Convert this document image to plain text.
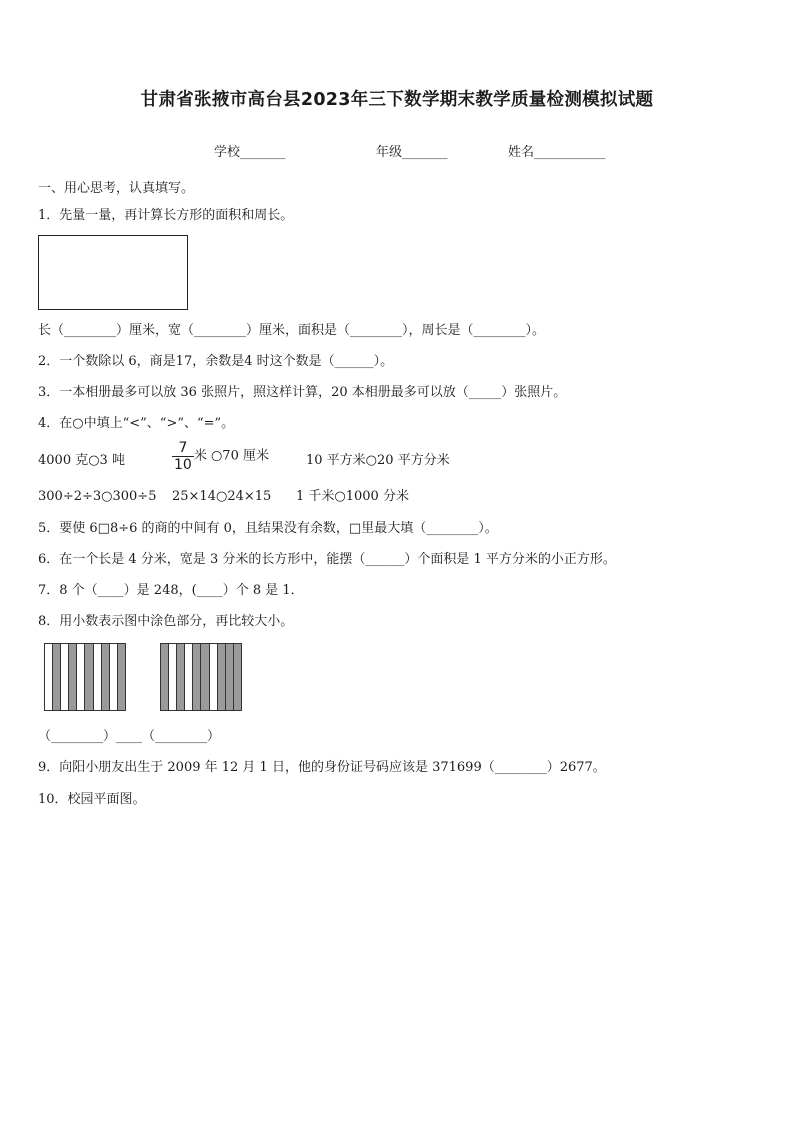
甘肃省张掖市高台县2023年三下数学期末教学质量检测模拟试题
学校_______	年级_______	姓名___________
一、用心思考，认真填写。
1．先量一量，再计算长方形的面积和周长。
长（________）厘米，宽（________）厘米，面积是（________），周长是（________）。
2．一个数除以 6，商是17，余数是4 时这个数是（______）。
3．一本相册最多可以放 36 张照片，照这样计算，20 本相册最多可以放（_____）张照片。
4．在○中填上“<”、“>”、“=”。
4000 克○3 吨	$\frac{7}{10}$ 米 ○70 厘米	10 平方米○20 平方分米
300÷2÷3○300÷5 25×14○24×15 1 千米○1000 分米
5．要使 6□8÷6 的商的中间有 0，且结果没有余数，□里最大填（________）。
6．在一个长是 4 分米，宽是 3 分米的长方形中，能摆（______）个面积是 1 平方分米的小正方形。
7．8 个（____）是 248，(____）个 8 是 1．
8．用小数表示图中涂色部分，再比较大小。
（________）____（________）
9．向阳小朋友出生于 2009 年 12 月 1 日，他的身份证号码应该是 371699（________）2677。
10．校园平面图。
